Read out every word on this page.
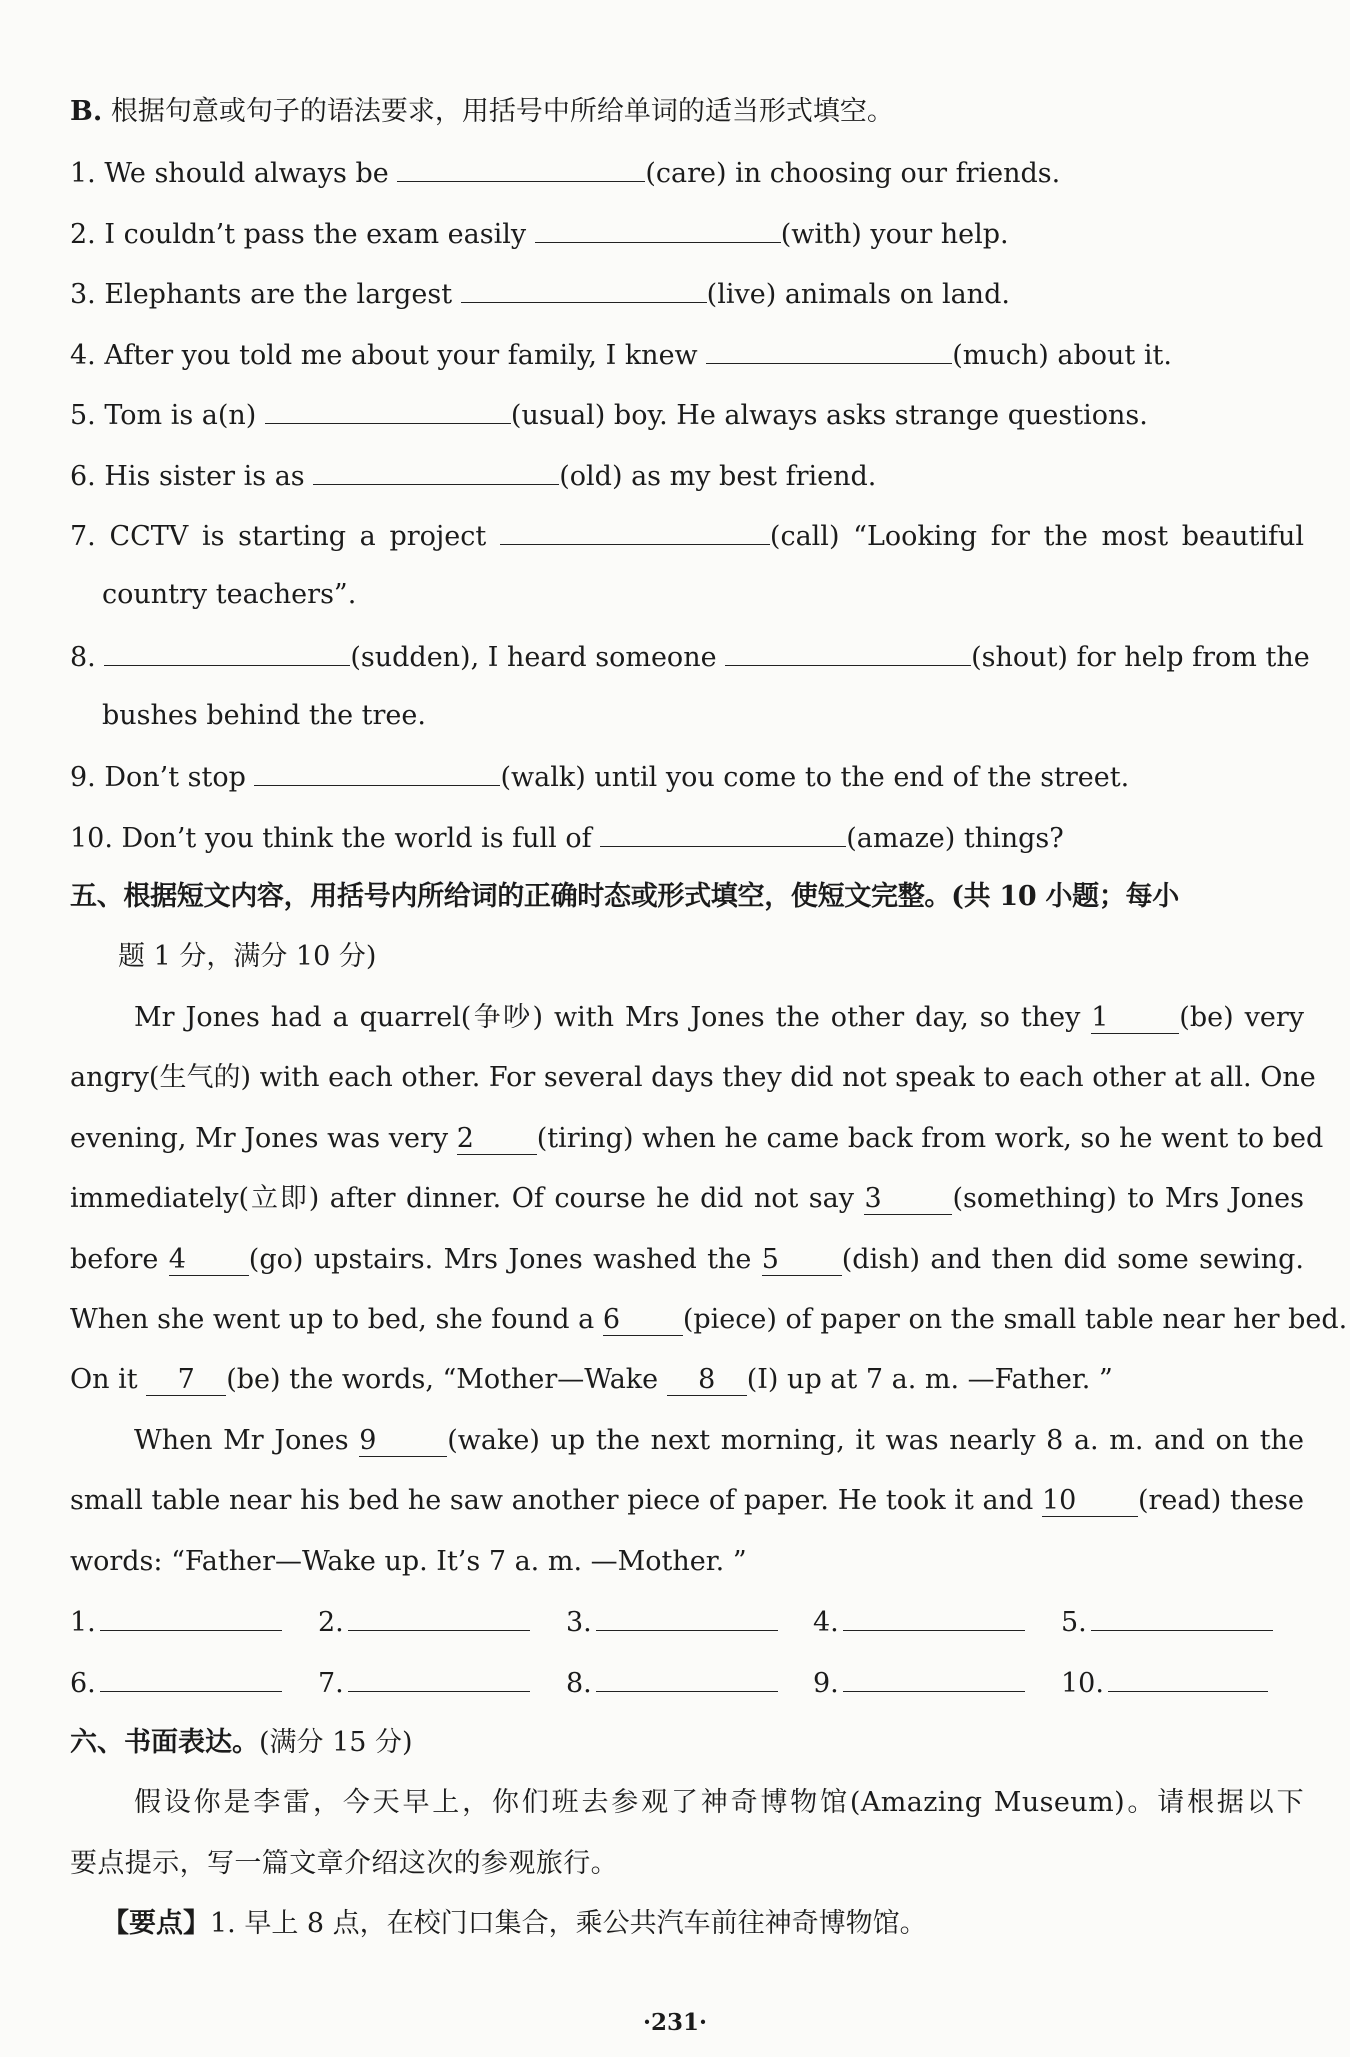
B. 根据句意或句子的语法要求，用括号中所给单词的适当形式填空。
1. We should always be	(care) in choosing our friends.
2. I couldn’t pass the exam easily	(with) your help.
3. Elephants are the largest	(live) animals on land.
4. After you told me about your family, I knew	(much) about it.
5. Tom is a(n)	(usual) boy. He always asks strange questions.
6. His sister is as	(old) as my best friend.
7. CCTV is starting a project	(call) “Looking for the most beautiful
country teachers”.
8.	(sudden), I heard someone	(shout) for help from the
bushes behind the tree.
9. Don’t stop	(walk) until you come to the end of the street.
10. Don’t you think the world is full of	(amaze) things?
五、根据短文内容，用括号内所给词的正确时态或形式填空，使短文完整。(共 10 小题；每小
题 1 分，满分 10 分)
Mr Jones had a quarrel(争吵) with Mrs Jones the other day, so they 1	(be) very
angry(生气的) with each other. For several days they did not speak to each other at all. One
evening, Mr Jones was very 2 (tiring) when he came back from work, so he went to bed
immediately(立即) after dinner. Of course he did not say 3	(something) to Mrs Jones
before 4 (go) upstairs. Mrs Jones washed the 5 (dish) and then did some sewing.
When she went up to bed, she found a 6 (piece) of paper on the small table near her bed.
On it 7 (be) the words, “Mother—Wake 8 (I) up at 7 a. m. —Father. ”
When Mr Jones 9	(wake) up the next morning, it was nearly 8 a. m. and on the
small table near his bed he saw another piece of paper. He took it and 10 (read) these
words: “Father—Wake up. It’s 7 a. m. —Mother. ”
1.	2.	3.	4.	5.
6.	7.	8.	9.	10.
六、书面表达。(满分 15 分)
假设你是李雷，今天早上，你们班去参观了神奇博物馆(Amazing Museum)。请根据以下
要点提示，写一篇文章介绍这次的参观旅行。
【要点】1. 早上 8 点，在校门口集合，乘公共汽车前往神奇博物馆。
·231·
